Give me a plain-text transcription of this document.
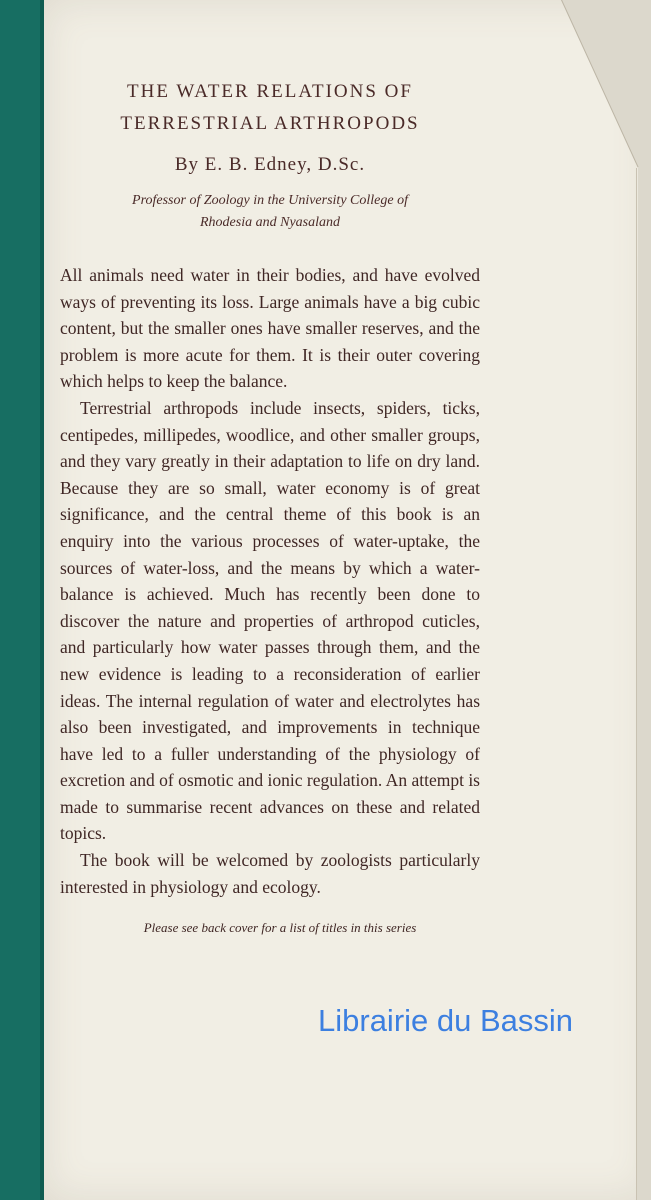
THE WATER RELATIONS OF
TERRESTRIAL ARTHROPODS
By E. B. Edney, D.Sc.
Professor of Zoology in the University College of
Rhodesia and Nyasaland

All animals need water in their bodies, and have evolved ways of preventing its loss. Large animals have a big cubic content, but the smaller ones have smaller reserves, and the problem is more acute for them. It is their outer covering which helps to keep the balance.

Terrestrial arthropods include insects, spiders, ticks, centipedes, millipedes, woodlice, and other smaller groups, and they vary greatly in their adaptation to life on dry land. Because they are so small, water economy is of great significance, and the central theme of this book is an enquiry into the various processes of water-uptake, the sources of water-loss, and the means by which a water-balance is achieved. Much has recently been done to discover the nature and properties of arthropod cuticles, and particularly how water passes through them, and the new evidence is leading to a reconsideration of earlier ideas. The internal regulation of water and electrolytes has also been investigated, and improvements in technique have led to a fuller understanding of the physiology of excretion and of osmotic and ionic regulation. An attempt is made to summarise recent advances on these and related topics.

The book will be welcomed by zoologists particularly interested in physiology and ecology.

Please see back cover for a list of titles in this series
Librairie du Bassin
